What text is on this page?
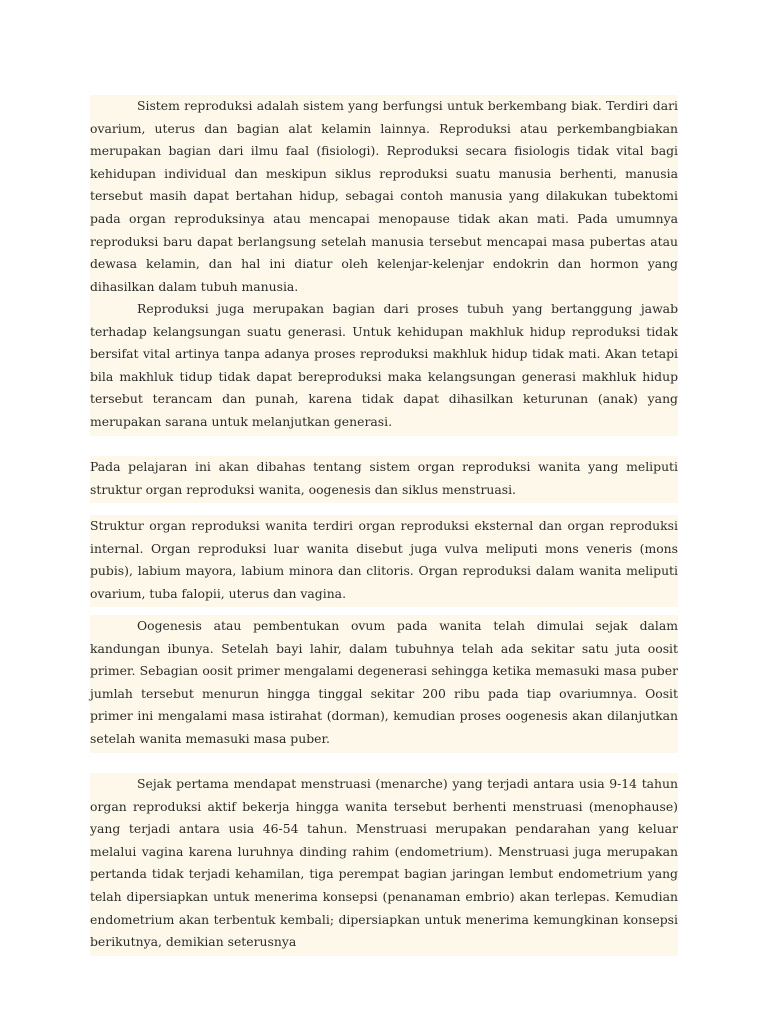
Sistem reproduksi adalah sistem yang berfungsi untuk berkembang biak. Terdiri dari ovarium, uterus dan bagian alat kelamin lainnya. Reproduksi atau perkembangbiakan merupakan bagian dari ilmu faal (fisiologi). Reproduksi secara fisiologis tidak vital bagi kehidupan individual dan meskipun siklus reproduksi suatu manusia berhenti, manusia tersebut masih dapat bertahan hidup, sebagai contoh manusia yang dilakukan tubektomi pada organ reproduksinya atau mencapai menopause tidak akan mati. Pada umumnya reproduksi baru dapat berlangsung setelah manusia tersebut mencapai masa pubertas atau dewasa kelamin, dan hal ini diatur oleh kelenjar-kelenjar endokrin dan hormon yang dihasilkan dalam tubuh manusia.

Reproduksi juga merupakan bagian dari proses tubuh yang bertanggung jawab terhadap kelangsungan suatu generasi. Untuk kehidupan makhluk hidup reproduksi tidak bersifat vital artinya tanpa adanya proses reproduksi makhluk hidup tidak mati. Akan tetapi bila makhluk tidup tidak dapat bereproduksi maka kelangsungan generasi makhluk hidup tersebut terancam dan punah, karena tidak dapat dihasilkan keturunan (anak) yang merupakan sarana untuk melanjutkan generasi.

Pada pelajaran ini akan dibahas tentang sistem organ reproduksi wanita yang meliputi struktur organ reproduksi wanita, oogenesis dan siklus menstruasi.

Struktur organ reproduksi wanita terdiri organ reproduksi eksternal dan organ reproduksi internal. Organ reproduksi luar wanita disebut juga vulva meliputi mons veneris (mons pubis), labium mayora, labium minora dan clitoris. Organ reproduksi dalam wanita meliputi ovarium, tuba falopii, uterus dan vagina.

Oogenesis atau pembentukan ovum pada wanita telah dimulai sejak dalam kandungan ibunya. Setelah bayi lahir, dalam tubuhnya telah ada sekitar satu juta oosit primer. Sebagian oosit primer mengalami degenerasi sehingga ketika memasuki masa puber jumlah tersebut menurun hingga tinggal sekitar 200 ribu pada tiap ovariumnya. Oosit primer ini mengalami masa istirahat (dorman), kemudian proses oogenesis akan dilanjutkan setelah wanita memasuki masa puber.

Sejak pertama mendapat menstruasi (menarche) yang terjadi antara usia 9-14 tahun organ reproduksi aktif bekerja hingga wanita tersebut berhenti menstruasi (menophause) yang terjadi antara usia 46-54 tahun. Menstruasi merupakan pendarahan yang keluar melalui vagina karena luruhnya dinding rahim (endometrium). Menstruasi juga merupakan pertanda tidak terjadi kehamilan, tiga perempat bagian jaringan lembut endometrium yang telah dipersiapkan untuk menerima konsepsi (penanaman embrio) akan terlepas. Kemudian endometrium akan terbentuk kembali; dipersiapkan untuk menerima kemungkinan konsepsi berikutnya, demikian seterusnya
